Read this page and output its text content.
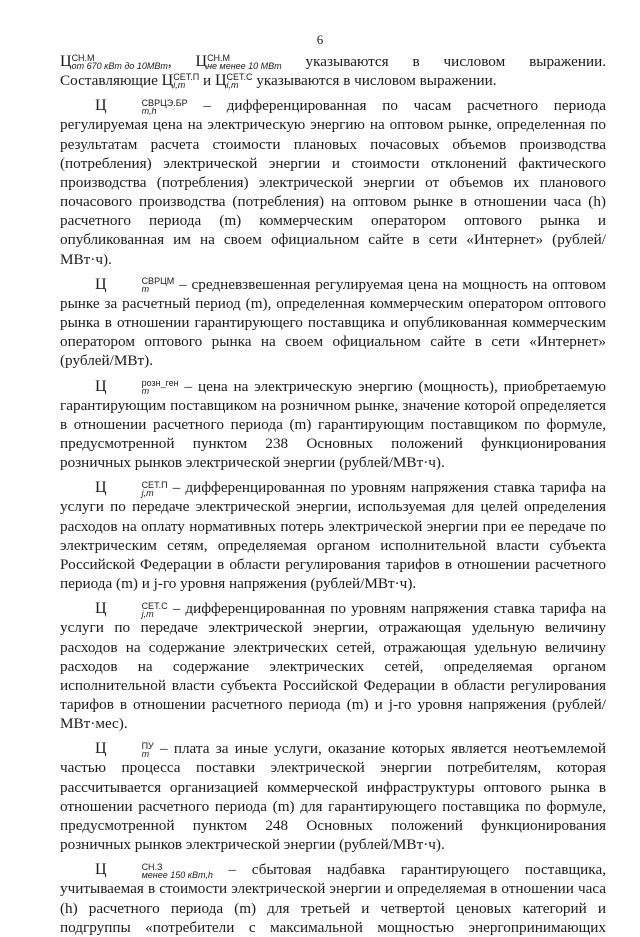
6

Ц СН.М
от 670 кВт до 10МВт , Ц СН.М
не менее 10 МВт указываются в числовом выражении.

Составляющие Ц СЕТ.П
i,m	и Ц СЕТ.С
i,m	указываются в числовом выражении.

Ц	СВРЦЭ.БР
m,h	– дифференцированная по часам расчетного периода регулируемая цена на электрическую энергию на оптовом рынке, определенная по результатам расчета стоимости плановых почасовых объемов производства (потребления) электрической энергии и стоимости отклонений фактического производства (потребления) электрической энергии от объемов их планового почасового производства (потребления) на оптовом рынке в отношении часа (h) расчетного периода (m) коммерческим оператором оптового рынка и опубликованная им на своем официальном сайте в сети «Интернет» (рублей/МВт·ч).

Ц	СВРЦМ
m	– средневзвешенная регулируемая цена на мощность на оптовом рынке за расчетный период (m), определенная коммерческим оператором оптового рынка в отношении гарантирующего поставщика и опубликованная коммерческим оператором оптового рынка на своем официальном сайте в сети «Интернет» (рублей/МВт).

Ц	розн_ген
m	– цена на электрическую энергию (мощность), приобретаемую гарантирующим поставщиком на розничном рынке, значение которой определяется в отношении расчетного периода (m) гарантирующим поставщиком по формуле, предусмотренной пунктом 238 Основных положений функционирования розничных рынков электрической энергии (рублей/МВт·ч).

Ц	СЕТ.П
j,m – дифференцированная по уровням напряжения ставка тарифа на услуги по передаче электрической энергии, используемая для целей определения расходов на оплату нормативных потерь электрической энергии при ее передаче по электрическим сетям, определяемая органом исполнительной власти субъекта Российской Федерации в области регулирования тарифов в отношении расчетного периода (m) и j-го уровня напряжения (рублей/МВт·ч).

Ц	СЕТ.С
j,m – дифференцированная по уровням напряжения ставка тарифа на услуги по передаче электрической энергии, отражающая удельную величину расходов на содержание электрических сетей, отражающая удельную величину расходов на содержание электрических сетей, определяемая органом исполнительной власти субъекта Российской Федерации в области регулирования тарифов в отношении расчетного периода (m) и j-го уровня напряжения (рублей/МВт·мес).

Ц	ПУ
m – плата за иные услуги, оказание которых является неотъемлемой частью процесса поставки электрической энергии потребителям, которая рассчитывается организацией коммерческой инфраструктуры оптового рынка в отношении расчетного периода (m) для гарантирующего поставщика по формуле, предусмотренной пунктом 248 Основных положений функционирования розничных рынков электрической энергии (рублей/МВт·ч).

Ц	СН.З
менее 150 кВт,h – сбытовая надбавка гарантирующего поставщика, учитываемая в стоимости электрической энергии и определяемая в отношении часа (h) расчетного периода (m) для третьей и четвертой ценовых категорий и подгруппы «потребители с максимальной мощностью энергопринимающих
